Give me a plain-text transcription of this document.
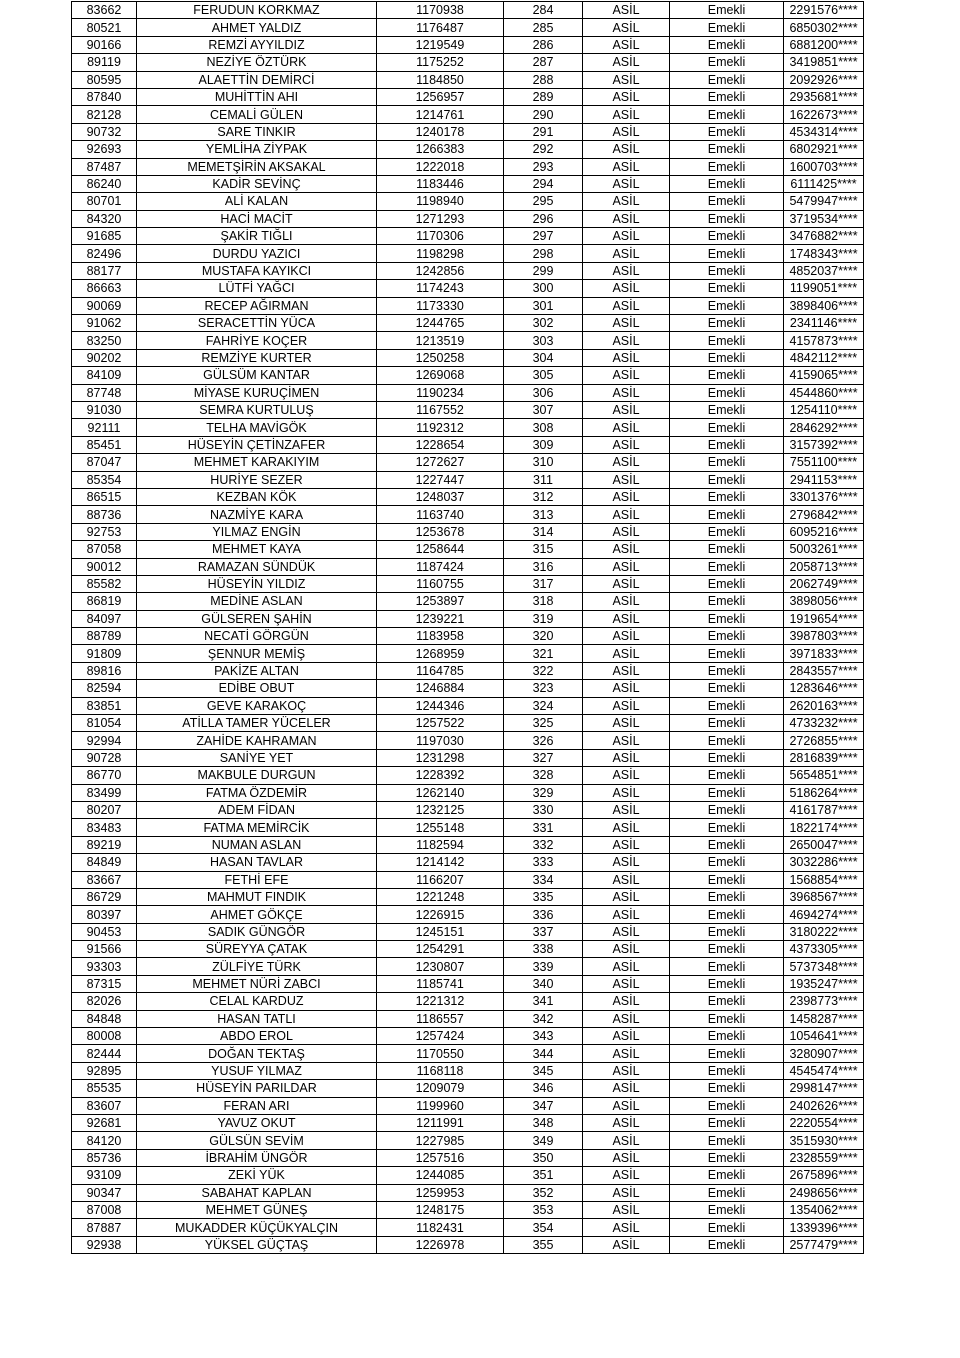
83662	FERUDUN KORKMAZ	1170938	284	ASİL	Emekli	2291576****
80521	AHMET YALDIZ	1176487	285	ASİL	Emekli	6850302****
90166	REMZİ AYYILDIZ	1219549	286	ASİL	Emekli	6881200****
89119	NEZİYE ÖZTÜRK	1175252	287	ASİL	Emekli	3419851****
80595	ALAETTİN DEMİRCİ	1184850	288	ASİL	Emekli	2092926****
87840	MUHİTTİN AHI	1256957	289	ASİL	Emekli	2935681****
82128	CEMALİ GÜLEN	1214761	290	ASİL	Emekli	1622673****
90732	SARE TINKIR	1240178	291	ASİL	Emekli	4534314****
92693	YEMLİHA ZİYPAK	1266383	292	ASİL	Emekli	6802921****
87487	MEMETŞİRİN AKSAKAL	1222018	293	ASİL	Emekli	1600703****
86240	KADİR SEVİNÇ	1183446	294	ASİL	Emekli	6111425****
80701	ALİ KALAN	1198940	295	ASİL	Emekli	5479947****
84320	HACİ MACİT	1271293	296	ASİL	Emekli	3719534****
91685	ŞAKİR TIĞLI	1170306	297	ASİL	Emekli	3476882****
82496	DURDU YAZICI	1198298	298	ASİL	Emekli	1748343****
88177	MUSTAFA KAYIKCI	1242856	299	ASİL	Emekli	4852037****
86663	LÜTFİ YAĞCI	1174243	300	ASİL	Emekli	1199051****
90069	RECEP AĞIRMAN	1173330	301	ASİL	Emekli	3898406****
91062	SERACETTİN YÜCA	1244765	302	ASİL	Emekli	2341146****
83250	FAHRİYE KOÇER	1213519	303	ASİL	Emekli	4157873****
90202	REMZİYE KURTER	1250258	304	ASİL	Emekli	4842112****
84109	GÜLSÜM KANTAR	1269068	305	ASİL	Emekli	4159065****
87748	MİYASE KURUÇİMEN	1190234	306	ASİL	Emekli	4544860****
91030	SEMRA KURTULUŞ	1167552	307	ASİL	Emekli	1254110****
92111	TELHA MAVİGÖK	1192312	308	ASİL	Emekli	2846292****
85451	HÜSEYİN ÇETİNZAFER	1228654	309	ASİL	Emekli	3157392****
87047	MEHMET KARAKIYIM	1272627	310	ASİL	Emekli	7551100****
85354	HURİYE SEZER	1227447	311	ASİL	Emekli	2941153****
86515	KEZBAN KÖK	1248037	312	ASİL	Emekli	3301376****
88736	NAZMİYE KARA	1163740	313	ASİL	Emekli	2796842****
92753	YILMAZ ENGİN	1253678	314	ASİL	Emekli	6095216****
87058	MEHMET KAYA	1258644	315	ASİL	Emekli	5003261****
90012	RAMAZAN SÜNDÜK	1187424	316	ASİL	Emekli	2058713****
85582	HÜSEYİN YILDIZ	1160755	317	ASİL	Emekli	2062749****
86819	MEDİNE ASLAN	1253897	318	ASİL	Emekli	3898056****
84097	GÜLSEREN ŞAHİN	1239221	319	ASİL	Emekli	1919654****
88789	NECATİ GÖRGÜN	1183958	320	ASİL	Emekli	3987803****
91809	ŞENNUR MEMİŞ	1268959	321	ASİL	Emekli	3971833****
89816	PAKİZE ALTAN	1164785	322	ASİL	Emekli	2843557****
82594	EDİBE OBUT	1246884	323	ASİL	Emekli	1283646****
83851	GEVE KARAKOÇ	1244346	324	ASİL	Emekli	2620163****
81054	ATİLLA TAMER YÜCELER	1257522	325	ASİL	Emekli	4733232****
92994	ZAHİDE KAHRAMAN	1197030	326	ASİL	Emekli	2726855****
90728	SANİYE YET	1231298	327	ASİL	Emekli	2816839****
86770	MAKBULE DURGUN	1228392	328	ASİL	Emekli	5654851****
83499	FATMA ÖZDEMİR	1262140	329	ASİL	Emekli	5186264****
80207	ADEM FİDAN	1232125	330	ASİL	Emekli	4161787****
83483	FATMA MEMİRCİK	1255148	331	ASİL	Emekli	1822174****
89219	NUMAN ASLAN	1182594	332	ASİL	Emekli	2650047****
84849	HASAN TAVLAR	1214142	333	ASİL	Emekli	3032286****
83667	FETHİ EFE	1166207	334	ASİL	Emekli	1568854****
86729	MAHMUT FINDIK	1221248	335	ASİL	Emekli	3968567****
80397	AHMET GÖKÇE	1226915	336	ASİL	Emekli	4694274****
90453	SADIK GÜNGÖR	1245151	337	ASİL	Emekli	3180222****
91566	SÜREYYA ÇATAK	1254291	338	ASİL	Emekli	4373305****
93303	ZÜLFİYE TÜRK	1230807	339	ASİL	Emekli	5737348****
87315	MEHMET NÜRİ ZABCI	1185741	340	ASİL	Emekli	1935247****
82026	CELAL KARDUZ	1221312	341	ASİL	Emekli	2398773****
84848	HASAN TATLI	1186557	342	ASİL	Emekli	1458287****
80008	ABDO EROL	1257424	343	ASİL	Emekli	1054641****
82444	DOĞAN TEKTAŞ	1170550	344	ASİL	Emekli	3280907****
92895	YUSUF YILMAZ	1168118	345	ASİL	Emekli	4545474****
85535	HÜSEYİN PARILDAR	1209079	346	ASİL	Emekli	2998147****
83607	FERAN ARI	1199960	347	ASİL	Emekli	2402626****
92681	YAVUZ OKUT	1211991	348	ASİL	Emekli	2220554****
84120	GÜLSÜN SEVİM	1227985	349	ASİL	Emekli	3515930****
85736	İBRAHİM ÜNGÖR	1257516	350	ASİL	Emekli	2328559****
93109	ZEKİ YÜK	1244085	351	ASİL	Emekli	2675896****
90347	SABAHAT KAPLAN	1259953	352	ASİL	Emekli	2498656****
87008	MEHMET GÜNEŞ	1248175	353	ASİL	Emekli	1354062****
87887	MUKADDER KÜÇÜKYALÇIN	1182431	354	ASİL	Emekli	1339396****
92938	YÜKSEL GÜÇTAŞ	1226978	355	ASİL	Emekli	2577479****
